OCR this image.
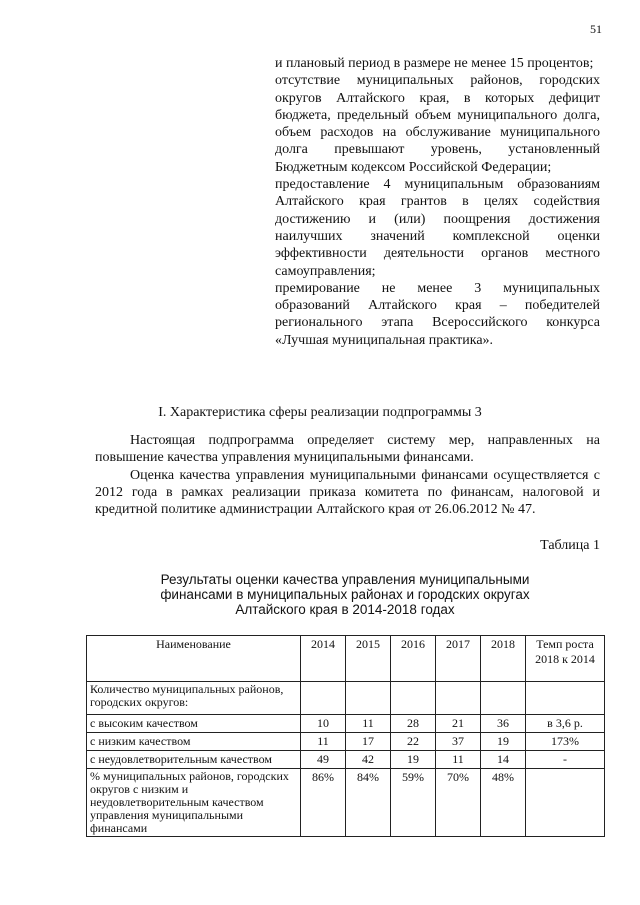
51

и плановый период в размере не менее 15 процентов;

отсутствие муниципальных районов, городских округов Алтайского края, в которых дефицит бюджета, предельный объем муниципального долга, объем расходов на обслуживание муниципального долга превышают уровень, установленный Бюджетным кодексом Российской Федерации;

предоставление 4 муниципальным образованиям Алтайского края грантов в целях содействия достижению и (или) поощрения достижения наилучших значений комплексной оценки эффективности деятельности органов местного самоуправления;

премирование не менее 3 муниципальных образований Алтайского края – победителей регионального этапа Всероссийского конкурса «Лучшая муниципальная практика».

I. Характеристика сферы реализации подпрограммы 3

Настоящая подпрограмма определяет систему мер, направленных на повышение качества управления муниципальными финансами.

Оценка качества управления муниципальными финансами осуществляется с 2012 года в рамках реализации приказа комитета по финансам, налоговой и кредитной политике администрации Алтайского края от 26.06.2012 № 47.

Таблица 1
Результаты оценки качества управления муниципальными
финансами в муниципальных районах и городских округах
Алтайского края в 2014-2018 годах
Наименование	2014	2015	2016	2017	2018	Темп роста 2018 к 2014
Количество муниципальных районов, городских округов:						
с высоким качеством	10	11	28	21	36	в 3,6 р.
с низким качеством	11	17	22	37	19	173%
с неудовлетворительным качеством	49	42	19	11	14	-
% муниципальных районов, городских округов с низким и неудовлетворительным качеством управления муниципальными финансами	86%	84%	59%	70%	48%	
